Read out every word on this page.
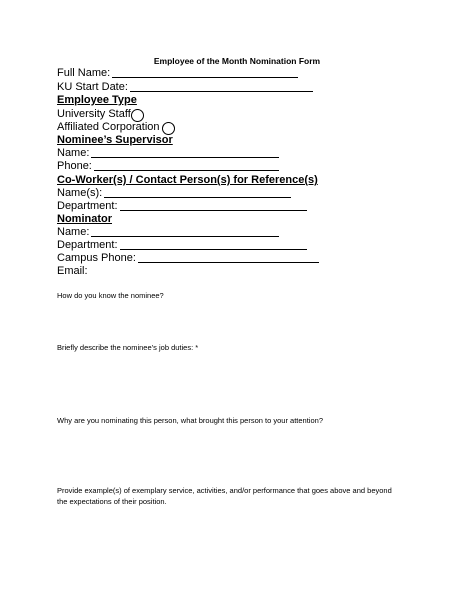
Employee of the Month Nomination Form
Full Name:
KU Start Date:
Employee Type
University Staff
Affiliated Corporation
Nominee’s Supervisor
Name:
Phone:
Co-Worker(s) / Contact Person(s) for Reference(s)
Name(s):
Department:
Nominator
Name:
Department:
Campus Phone:
Email:
How do you know the nominee?
Briefly describe the nominee’s job duties: *
Why are you nominating this person, what brought this person to your attention?
Provide example(s) of exemplary service, activities, and/or performance that goes above and beyond the expectations of their position.
